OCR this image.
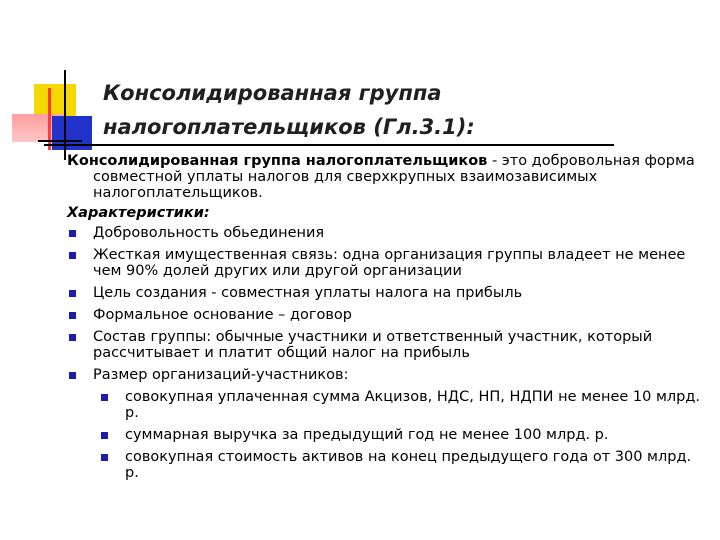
Консолидированная группа
налогоплательщиков (Гл.3.1):

Консолидированная группа налогоплательщиков - это добровольная форма совместной уплаты налогов для сверхкрупных взаимозависимых налогоплательщиков.

Характеристики:

Добровольность обьединения
Жесткая имущественная связь: одна организация группы владеет не менее чем 90% долей других или другой организации
Цель создания - совместная уплаты налога на прибыль
Формальное основание – договор
Состав группы: обычные участники и ответственный участник, который рассчитывает и платит общий налог на прибыль
Размер организаций-участников:
совокупная уплаченная сумма Акцизов, НДС, НП, НДПИ не менее 10 млрд. р.
суммарная выручка за предыдущий год не менее 100 млрд. р.
совокупная стоимость активов на конец предыдущего года от 300 млрд. р.
